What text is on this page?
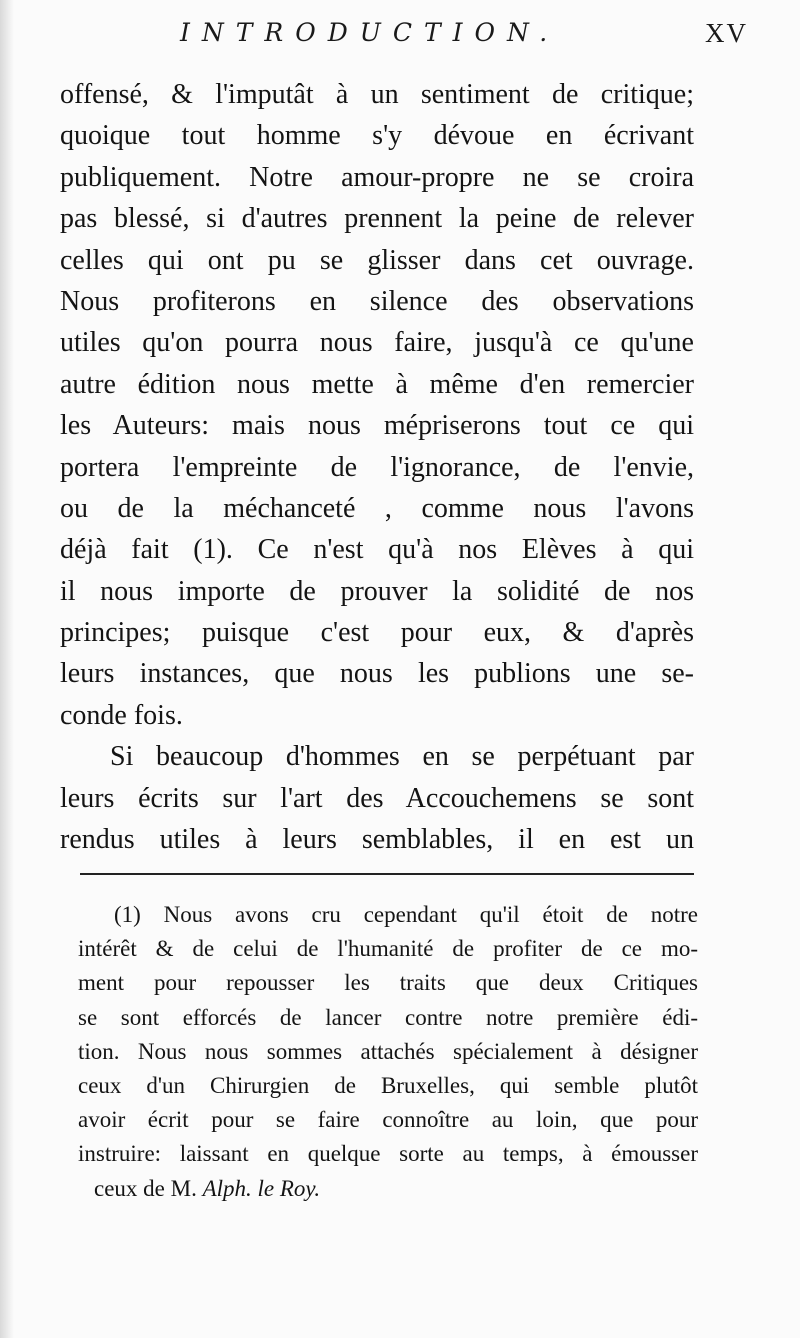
INTRODUCTION.	XV
offensé, & l'imputât à un sentiment de critique;
quoique tout homme s'y dévoue en écrivant
publiquement. Notre amour-propre ne se croira
pas blessé, si d'autres prennent la peine de relever
celles qui ont pu se glisser dans cet ouvrage.
Nous profiterons en silence des observations
utiles qu'on pourra nous faire, jusqu'à ce qu'une
autre édition nous mette à même d'en remercier
les Auteurs: mais nous mépriserons tout ce qui
portera l'empreinte de l'ignorance, de l'envie,
ou de la méchanceté , comme nous l'avons
déjà fait (1). Ce n'est qu'à nos Elèves à qui
il nous importe de prouver la solidité de nos
principes; puisque c'est pour eux, & d'après
leurs instances, que nous les publions une se-
conde fois.
Si beaucoup d'hommes en se perpétuant par
leurs écrits sur l'art des Accouchemens se sont
rendus utiles à leurs semblables, il en est un
(1) Nous avons cru cependant qu'il étoit de notre
intérêt & de celui de l'humanité de profiter de ce mo-
ment pour repousser les traits que deux Critiques
se sont efforcés de lancer contre notre première édi-
tion. Nous nous sommes attachés spécialement à désigner
ceux d'un Chirurgien de Bruxelles, qui semble plutôt
avoir écrit pour se faire connoître au loin, que pour
instruire: laissant en quelque sorte au temps, à émousser
ceux de M. Alph. le Roy.
